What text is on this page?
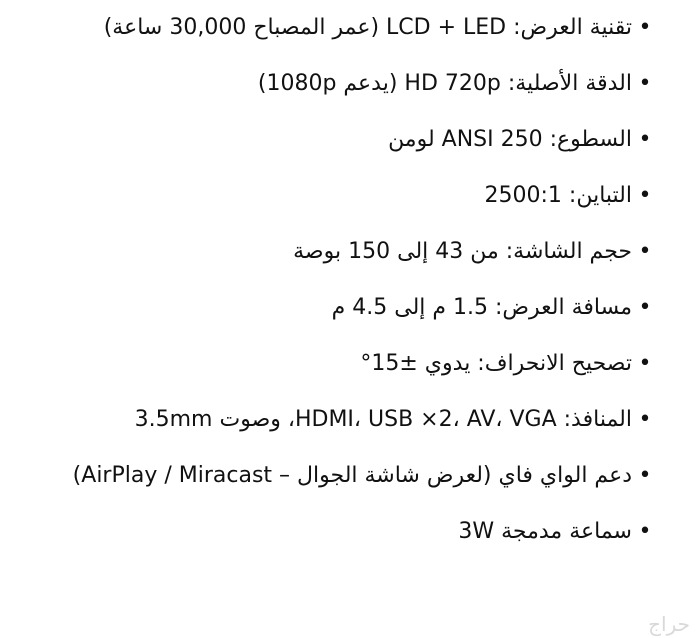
•
تقنية العرض: LCD + LED (عمر المصباح 30,000 ساعة)
•
الدقة الأصلية: HD 720p (يدعم 1080p)
•
السطوع: ANSI 250 لومن
•
التباين: 2500:1
•
حجم الشاشة: من 43 إلى 150 بوصة
•
مسافة العرض: 1.5 م إلى 4.5 م
•
تصحيح الانحراف: يدوي ±15°
•
المنافذ: HDMI، USB ×2، AV، VGA، وصوت 3.5mm
•
دعم الواي فاي (لعرض شاشة الجوال – AirPlay / Miracast)
•
سماعة مدمجة 3W
حراج
